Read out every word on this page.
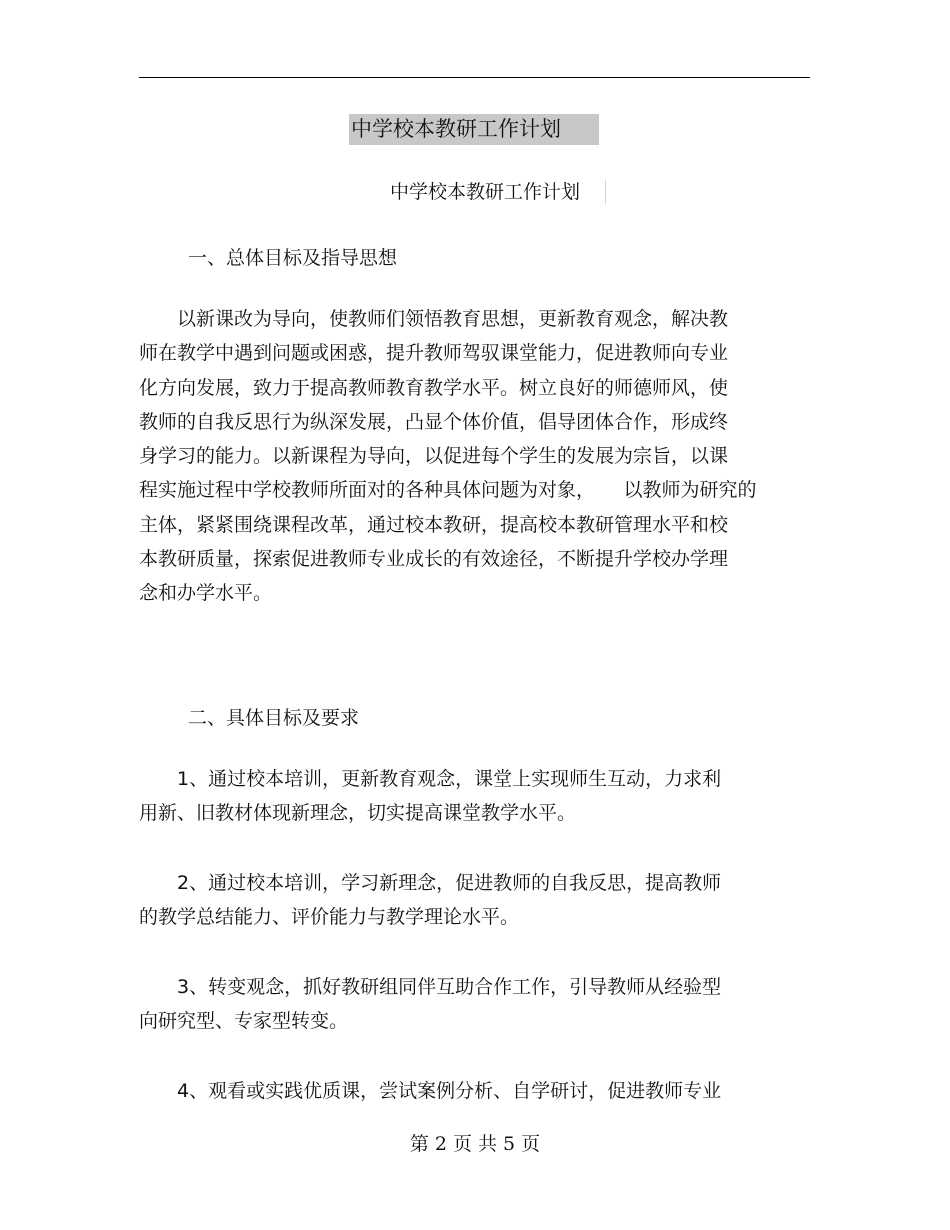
中学校本教研工作计划
中学校本教研工作计划
一、总体目标及指导思想
　　以新课改为导向，使教师们领悟教育思想，更新教育观念，解决教
师在教学中遇到问题或困惑，提升教师驾驭课堂能力，促进教师向专业
化方向发展，致力于提高教师教育教学水平。树立良好的师德师风，使
教师的自我反思行为纵深发展，凸显个体价值，倡导团体合作，形成终
身学习的能力。以新课程为导向，以促进每个学生的发展为宗旨，以课
程实施过程中学校教师所面对的各种具体问题为对象，　　以教师为研究的
主体，紧紧围绕课程改革，通过校本教研，提高校本教研管理水平和校
本教研质量，探索促进教师专业成长的有效途径，不断提升学校办学理
念和办学水平。
二、具体目标及要求
　　1、通过校本培训，更新教育观念，课堂上实现师生互动，力求利
用新、旧教材体现新理念，切实提高课堂教学水平。
　　2、通过校本培训，学习新理念，促进教师的自我反思，提高教师
的教学总结能力、评价能力与教学理论水平。
　　3、转变观念，抓好教研组同伴互助合作工作，引导教师从经验型
向研究型、专家型转变。
　　4、观看或实践优质课，尝试案例分析、自学研讨，促进教师专业
第 2 页 共 5 页
